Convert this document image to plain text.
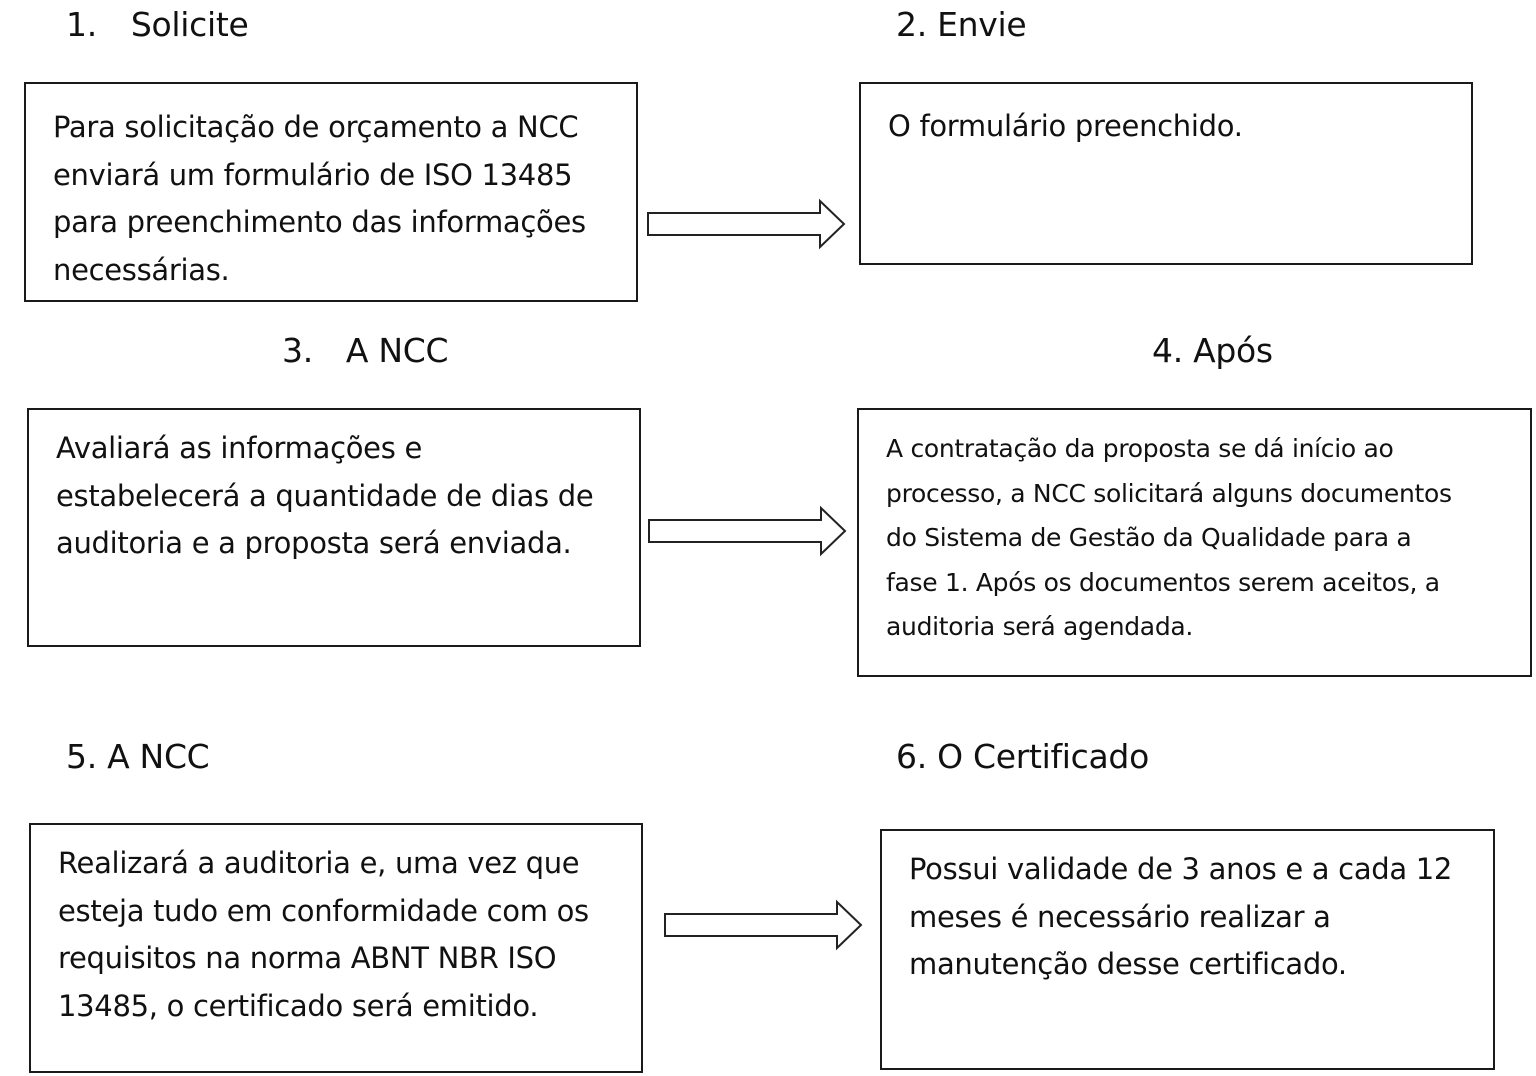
1. Solicite	2. Envie
3. A NCC	4. Após
5. A NCC	6. O Certificado

Para solicitação de orçamento a NCC
enviará um formulário de ISO 13485
para preenchimento das informações
necessárias.

O formulário preenchido.

Avaliará as informações e
estabelecerá a quantidade de dias de
auditoria e a proposta será enviada.

A contratação da proposta se dá início ao
processo, a NCC solicitará alguns documentos
do Sistema de Gestão da Qualidade para a
fase 1. Após os documentos serem aceitos, a
auditoria será agendada.

Realizará a auditoria e, uma vez que
esteja tudo em conformidade com os
requisitos na norma ABNT NBR ISO
13485, o certificado será emitido.

Possui validade de 3 anos e a cada 12
meses é necessário realizar a
manutenção desse certificado.
